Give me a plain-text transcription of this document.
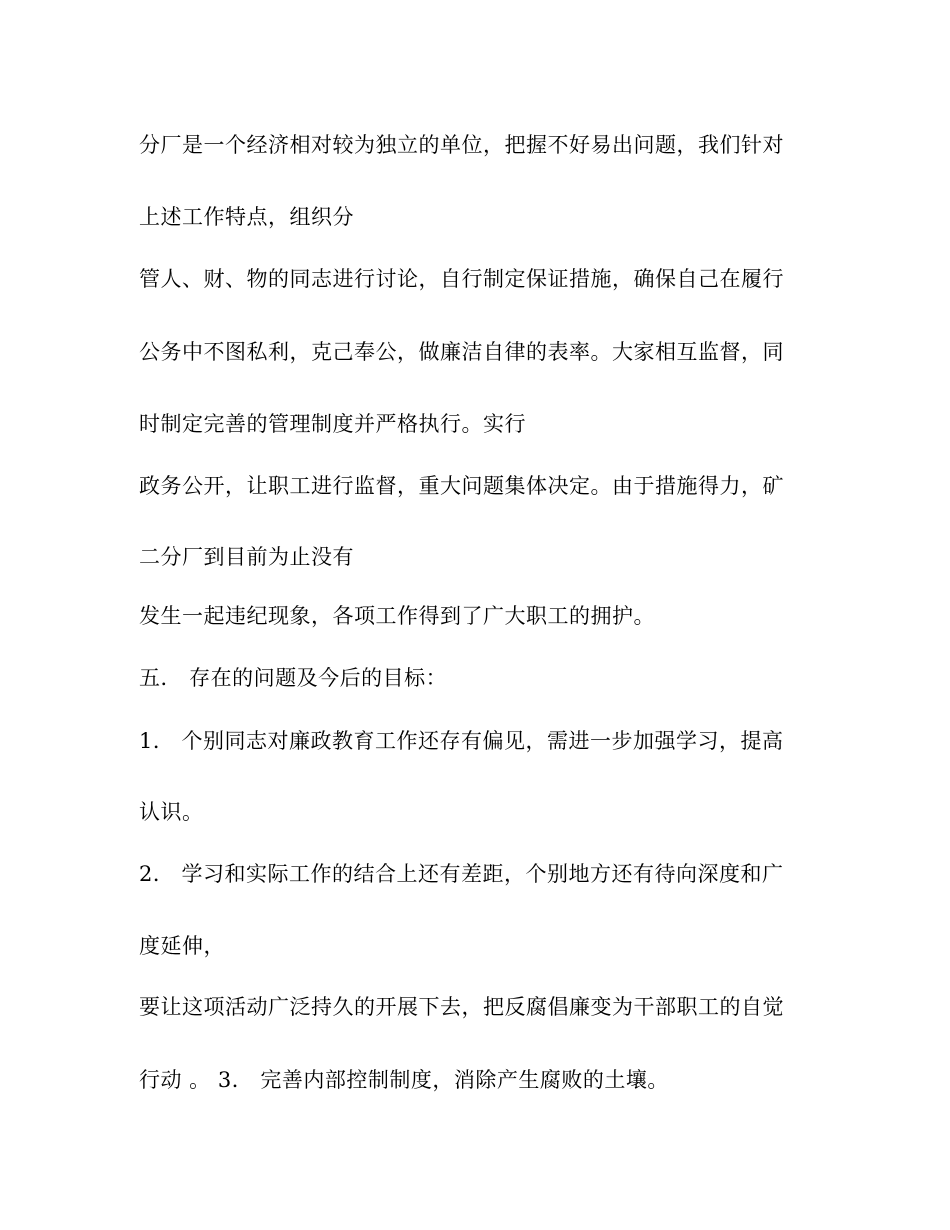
分厂是一个经济相对较为独立的单位，把握不好易出问题，我们针对
上述工作特点，组织分
管人、财、物的同志进行讨论，自行制定保证措施，确保自己在履行
公务中不图私利，克己奉公，做廉洁自律的表率。大家相互监督，同
时制定完善的管理制度并严格执行。实行
政务公开，让职工进行监督，重大问题集体决定。由于措施得力，矿
二分厂到目前为止没有
发生一起违纪现象，各项工作得到了广大职工的拥护。
五． 存在的问题及今后的目标：
1． 个别同志对廉政教育工作还存有偏见，需进一步加强学习，提高
认识。
2． 学习和实际工作的结合上还有差距，个别地方还有待向深度和广
度延伸，
要让这项活动广泛持久的开展下去，把反腐倡廉变为干部职工的自觉
行动 。 3． 完善内部控制制度，消除产生腐败的土壤。
